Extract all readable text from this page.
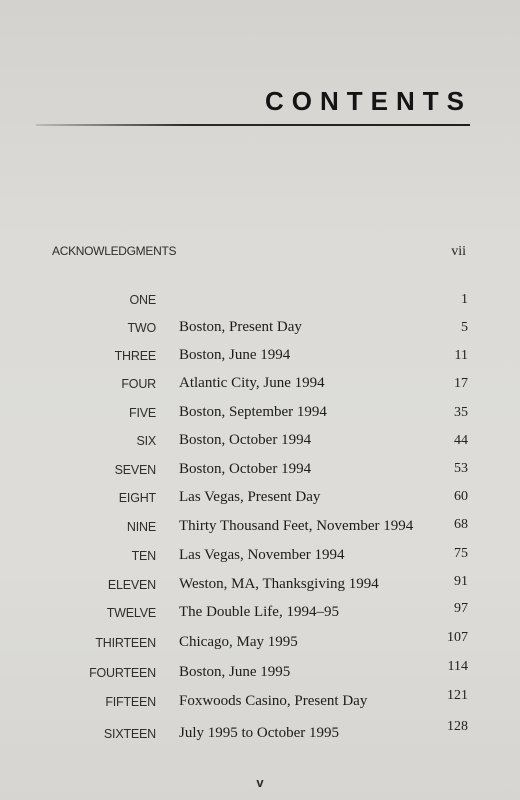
CONTENTS
ACKNOWLEDGMENTS	vii
ONE	1
TWO Boston, Present Day	5
THREE Boston, June 1994	11
FOUR Atlantic City, June 1994	17
FIVE Boston, September 1994	35
SIX Boston, October 1994	44
SEVEN Boston, October 1994	53
EIGHT Las Vegas, Present Day	60
NINE Thirty Thousand Feet, November 1994	68
TEN Las Vegas, November 1994	75
ELEVEN Weston, MA, Thanksgiving 1994	91
TWELVE The Double Life, 1994–95	97
THIRTEEN Chicago, May 1995	107
FOURTEEN Boston, June 1995	114
FIFTEEN Foxwoods Casino, Present Day	121
SIXTEEN July 1995 to October 1995	128
v
